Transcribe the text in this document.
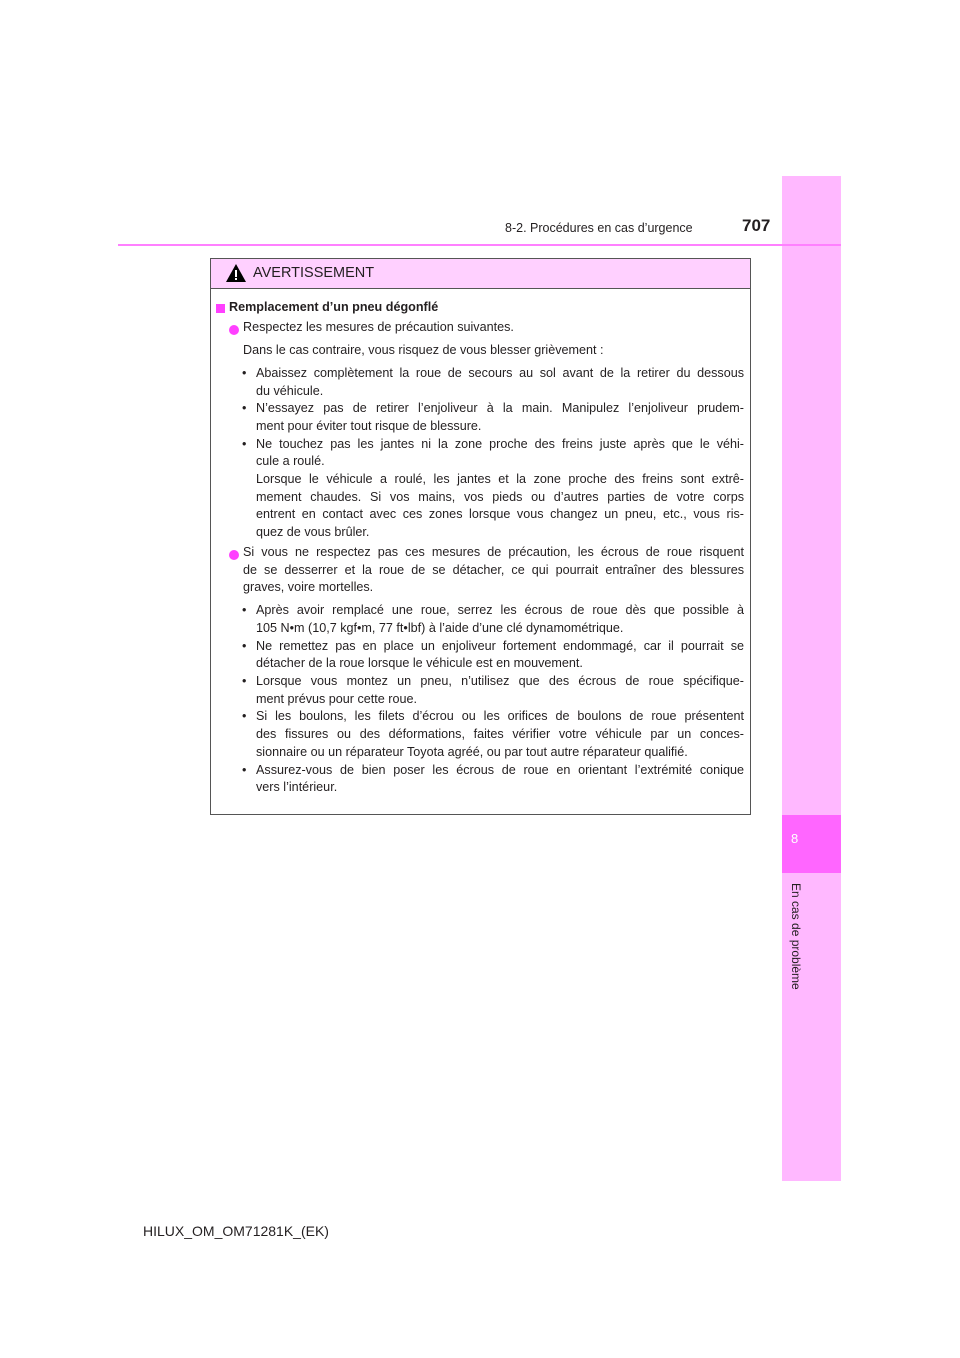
8
En cas de problème
8-2. Procédures en cas d’urgence	707
AVERTISSEMENT
Remplacement d’un pneu dégonflé
Respectez les mesures de précaution suivantes.
Dans le cas contraire, vous risquez de vous blesser grièvement :
Abaissez complètement la roue de secours au sol avant de la retirer du dessous
du véhicule.
N’essayez pas de retirer l’enjoliveur à la main. Manipulez l’enjoliveur prudem-
ment pour éviter tout risque de blessure.
Ne touchez pas les jantes ni la zone proche des freins juste après que le véhi-
cule a roulé.
Lorsque le véhicule a roulé, les jantes et la zone proche des freins sont extrê-
mement chaudes. Si vos mains, vos pieds ou d’autres parties de votre corps
entrent en contact avec ces zones lorsque vous changez un pneu, etc., vous ris-
quez de vous brûler.
Si vous ne respectez pas ces mesures de précaution, les écrous de roue risquent
de se desserrer et la roue de se détacher, ce qui pourrait entraîner des blessures
graves, voire mortelles.
Après avoir remplacé une roue, serrez les écrous de roue dès que possible à
105 N•m (10,7 kgf•m, 77 ft•lbf) à l’aide d’une clé dynamométrique.
Ne remettez pas en place un enjoliveur fortement endommagé, car il pourrait se
détacher de la roue lorsque le véhicule est en mouvement.
Lorsque vous montez un pneu, n’utilisez que des écrous de roue spécifique-
ment prévus pour cette roue.
Si les boulons, les filets d’écrou ou les orifices de boulons de roue présentent
des fissures ou des déformations, faites vérifier votre véhicule par un conces-
sionnaire ou un réparateur Toyota agréé, ou par tout autre réparateur qualifié.
Assurez-vous de bien poser les écrous de roue en orientant l’extrémité conique
vers l’intérieur.
•
•
•
•
•
•
•
•
HILUX_OM_OM71281K_(EK)
